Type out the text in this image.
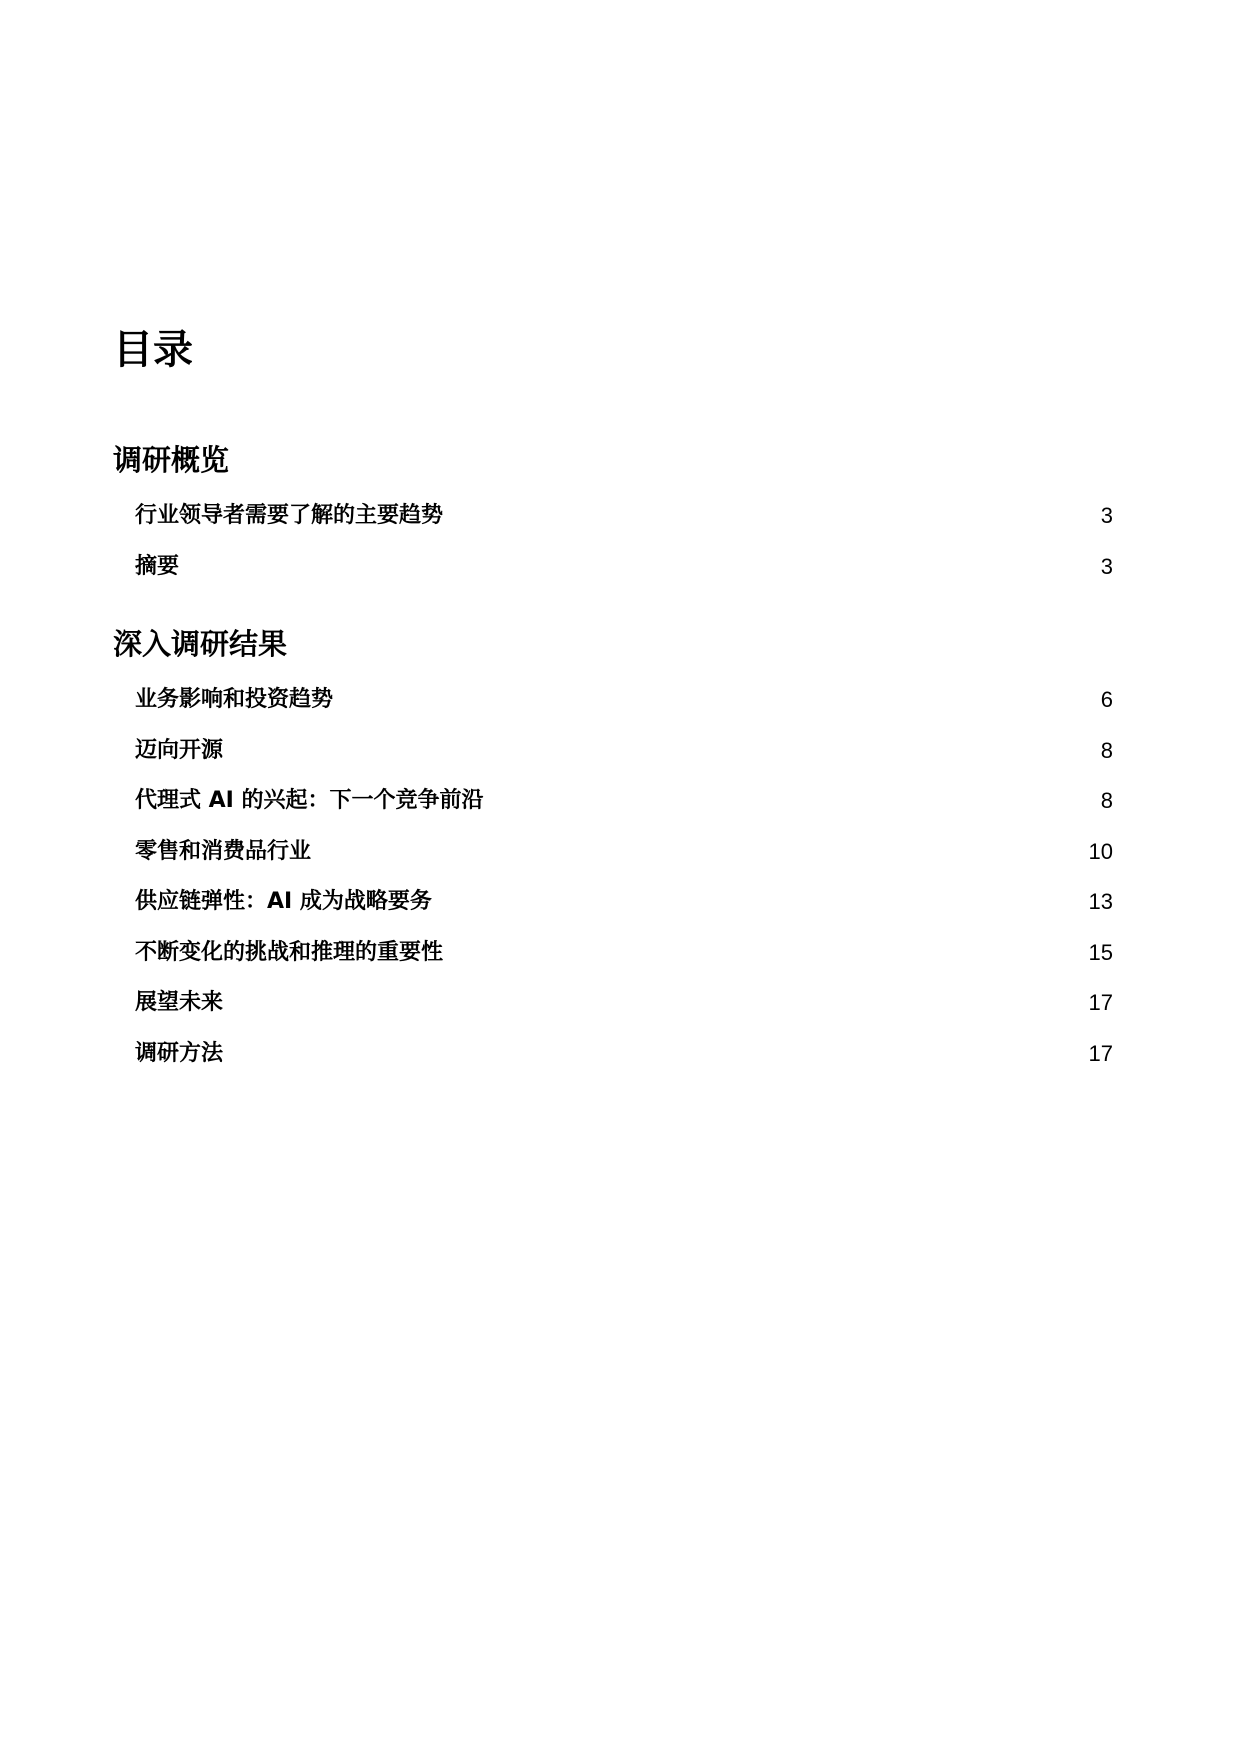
目录
调研概览
行业领导者需要了解的主要趋势	3
摘要	3
深入调研结果
业务影响和投资趋势	6
迈向开源	8
代理式 AI 的兴起：下一个竞争前沿	8
零售和消费品行业	10
供应链弹性：AI 成为战略要务	13
不断变化的挑战和推理的重要性	15
展望未来	17
调研方法	17
